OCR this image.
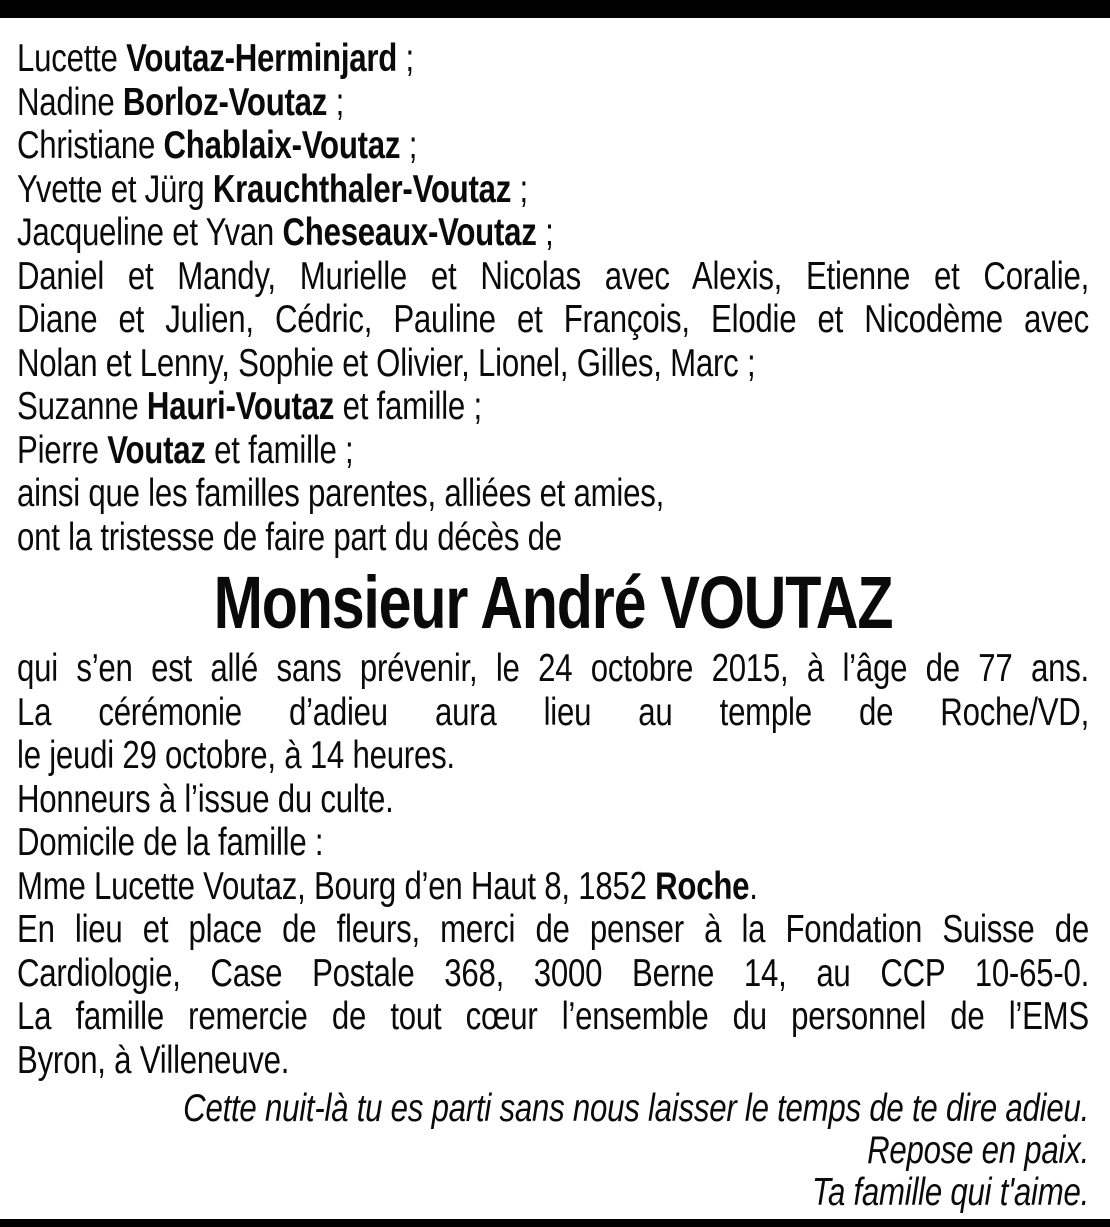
Lucette Voutaz-Herminjard ;
Nadine Borloz-Voutaz ;
Christiane Chablaix-Voutaz ;
Yvette et Jürg Krauchthaler-Voutaz ;
Jacqueline et Yvan Cheseaux-Voutaz ;
Daniel et Mandy, Murielle et Nicolas avec Alexis, Etienne et Coralie,
Diane et Julien, Cédric, Pauline et François, Elodie et Nicodème avec
Nolan et Lenny, Sophie et Olivier, Lionel, Gilles, Marc ;
Suzanne Hauri-Voutaz et famille ;
Pierre Voutaz et famille ;
ainsi que les familles parentes, alliées et amies,
ont la tristesse de faire part du décès de
Monsieur André VOUTAZ
qui s’en est allé sans prévenir, le 24 octobre 2015, à l’âge de 77 ans.
La cérémonie d’adieu aura lieu au temple de Roche/VD,
le jeudi 29 octobre, à 14 heures.
Honneurs à l’issue du culte.
Domicile de la famille :
Mme Lucette Voutaz, Bourg d’en Haut 8, 1852 Roche.
En lieu et place de fleurs, merci de penser à la Fondation Suisse de
Cardiologie, Case Postale 368, 3000 Berne 14, au CCP 10-65-0.
La famille remercie de tout cœur l’ensemble du personnel de l’EMS
Byron, à Villeneuve.
Cette nuit-là tu es parti sans nous laisser le temps de te dire adieu.
Repose en paix.
Ta famille qui t'aime.
